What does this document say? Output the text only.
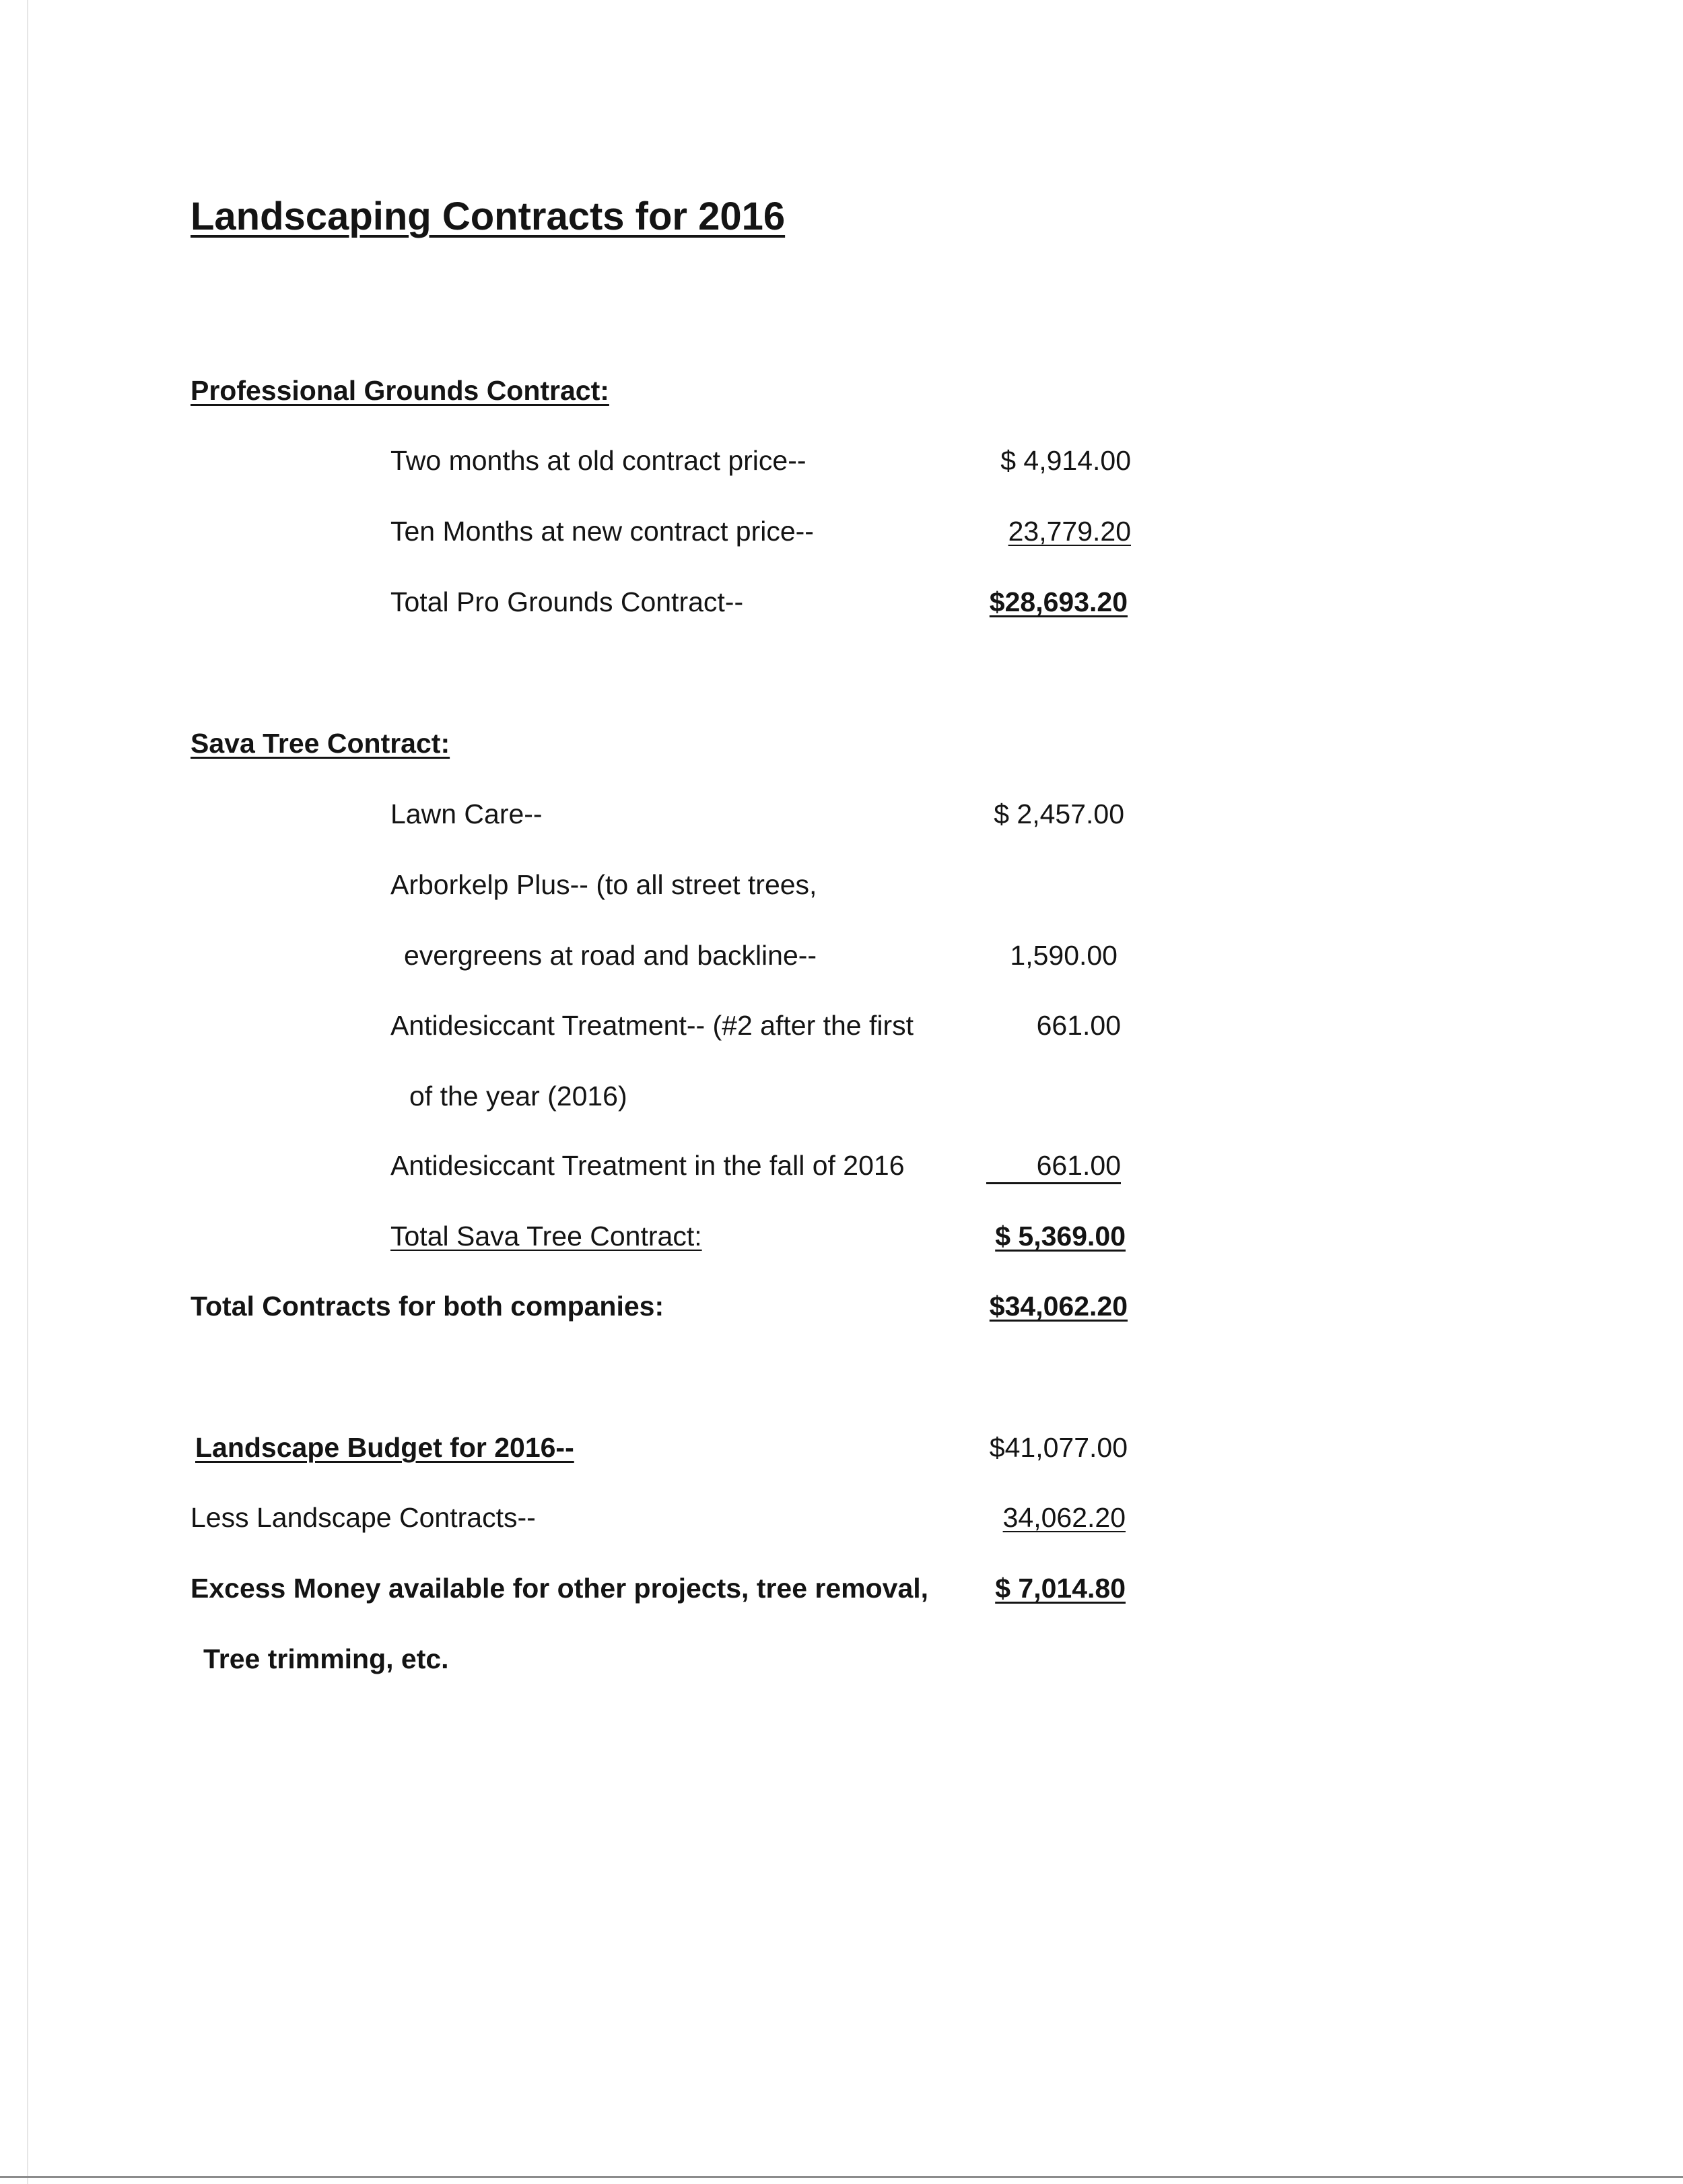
Landscaping Contracts for 2016
Professional Grounds Contract:
Two months at old contract price--	$ 4,914.00
Ten Months at new contract price--	23,779.20
Total Pro Grounds Contract--	$28,693.20
Sava Tree Contract:
Lawn Care--	$ 2,457.00
Arborkelp Plus-- (to all street trees,
evergreens at road and backline--	1,590.00
Antidesiccant Treatment-- (#2 after the first	661.00
of the year (2016)
Antidesiccant Treatment in the fall of 2016	661.00
Total Sava Tree Contract:	$ 5,369.00
Total Contracts for both companies:	$34,062.20
Landscape Budget for 2016--	$41,077.00
Less Landscape Contracts--	34,062.20
Excess Money available for other projects, tree removal,	$ 7,014.80
Tree trimming, etc.
